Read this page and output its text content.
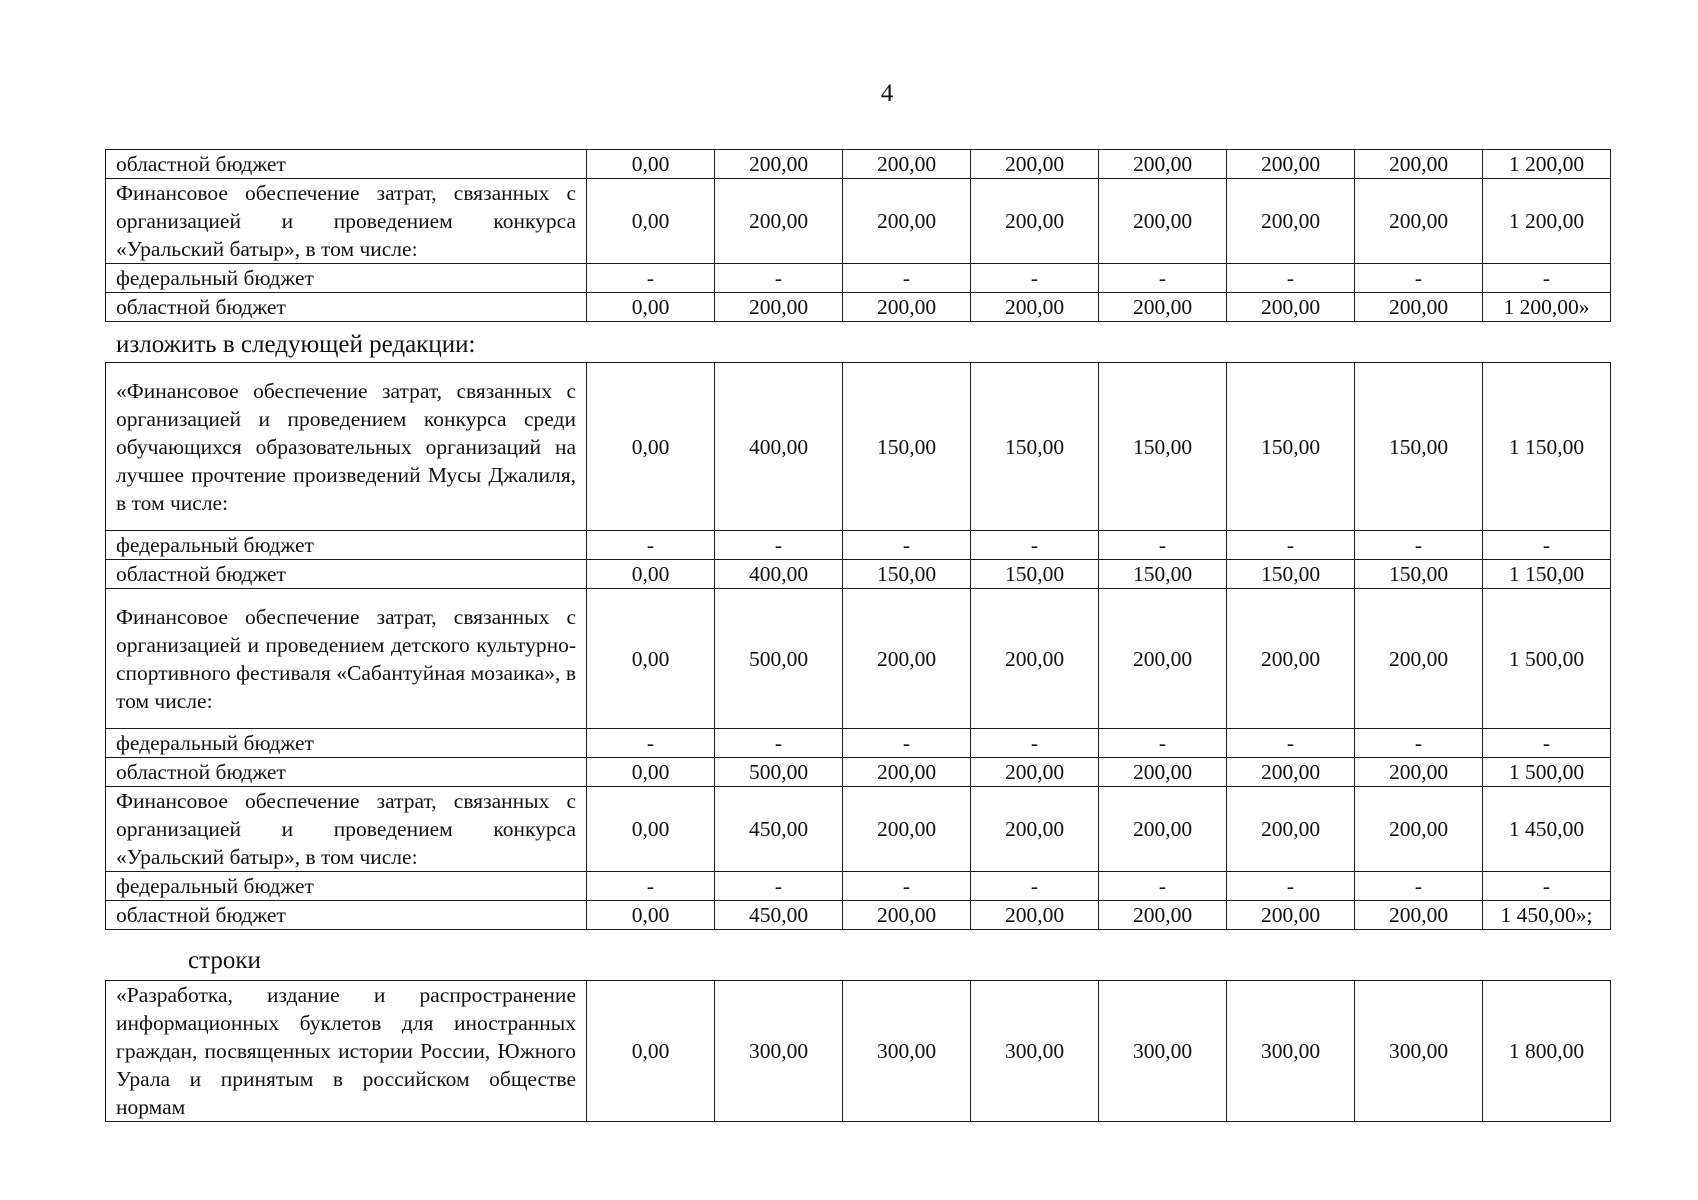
4
областной бюджет	0,00	200,00	200,00	200,00	200,00	200,00	200,00	1 200,00
Финансовое обеспечение затрат, связанных с организацией и проведением конкурса «Уральский батыр», в том числе:	0,00	200,00	200,00	200,00	200,00	200,00	200,00	1 200,00
федеральный бюджет	-	-	-	-	-	-	-	-
областной бюджет	0,00	200,00	200,00	200,00	200,00	200,00	200,00	1 200,00»
изложить в следующей редакции:
«Финансовое обеспечение затрат, связанных с организацией и проведением конкурса среди обучающихся образовательных организаций на лучшее прочтение произведений Мусы Джалиля, в том числе:	0,00	400,00	150,00	150,00	150,00	150,00	150,00	1 150,00
федеральный бюджет	-	-	-	-	-	-	-	-
областной бюджет	0,00	400,00	150,00	150,00	150,00	150,00	150,00	1 150,00
Финансовое обеспечение затрат, связанных с организацией и проведением детского культурно-спортивного фестиваля «Сабантуйная мозаика», в том числе:	0,00	500,00	200,00	200,00	200,00	200,00	200,00	1 500,00
федеральный бюджет	-	-	-	-	-	-	-	-
областной бюджет	0,00	500,00	200,00	200,00	200,00	200,00	200,00	1 500,00
Финансовое обеспечение затрат, связанных с организацией и проведением конкурса «Уральский батыр», в том числе:	0,00	450,00	200,00	200,00	200,00	200,00	200,00	1 450,00
федеральный бюджет	-	-	-	-	-	-	-	-
областной бюджет	0,00	450,00	200,00	200,00	200,00	200,00	200,00	1 450,00»;
строки
«Разработка, издание и распространение информационных буклетов для иностранных граждан, посвященных истории России, Южного Урала и принятым в российском обществе нормам	0,00	300,00	300,00	300,00	300,00	300,00	300,00	1 800,00
